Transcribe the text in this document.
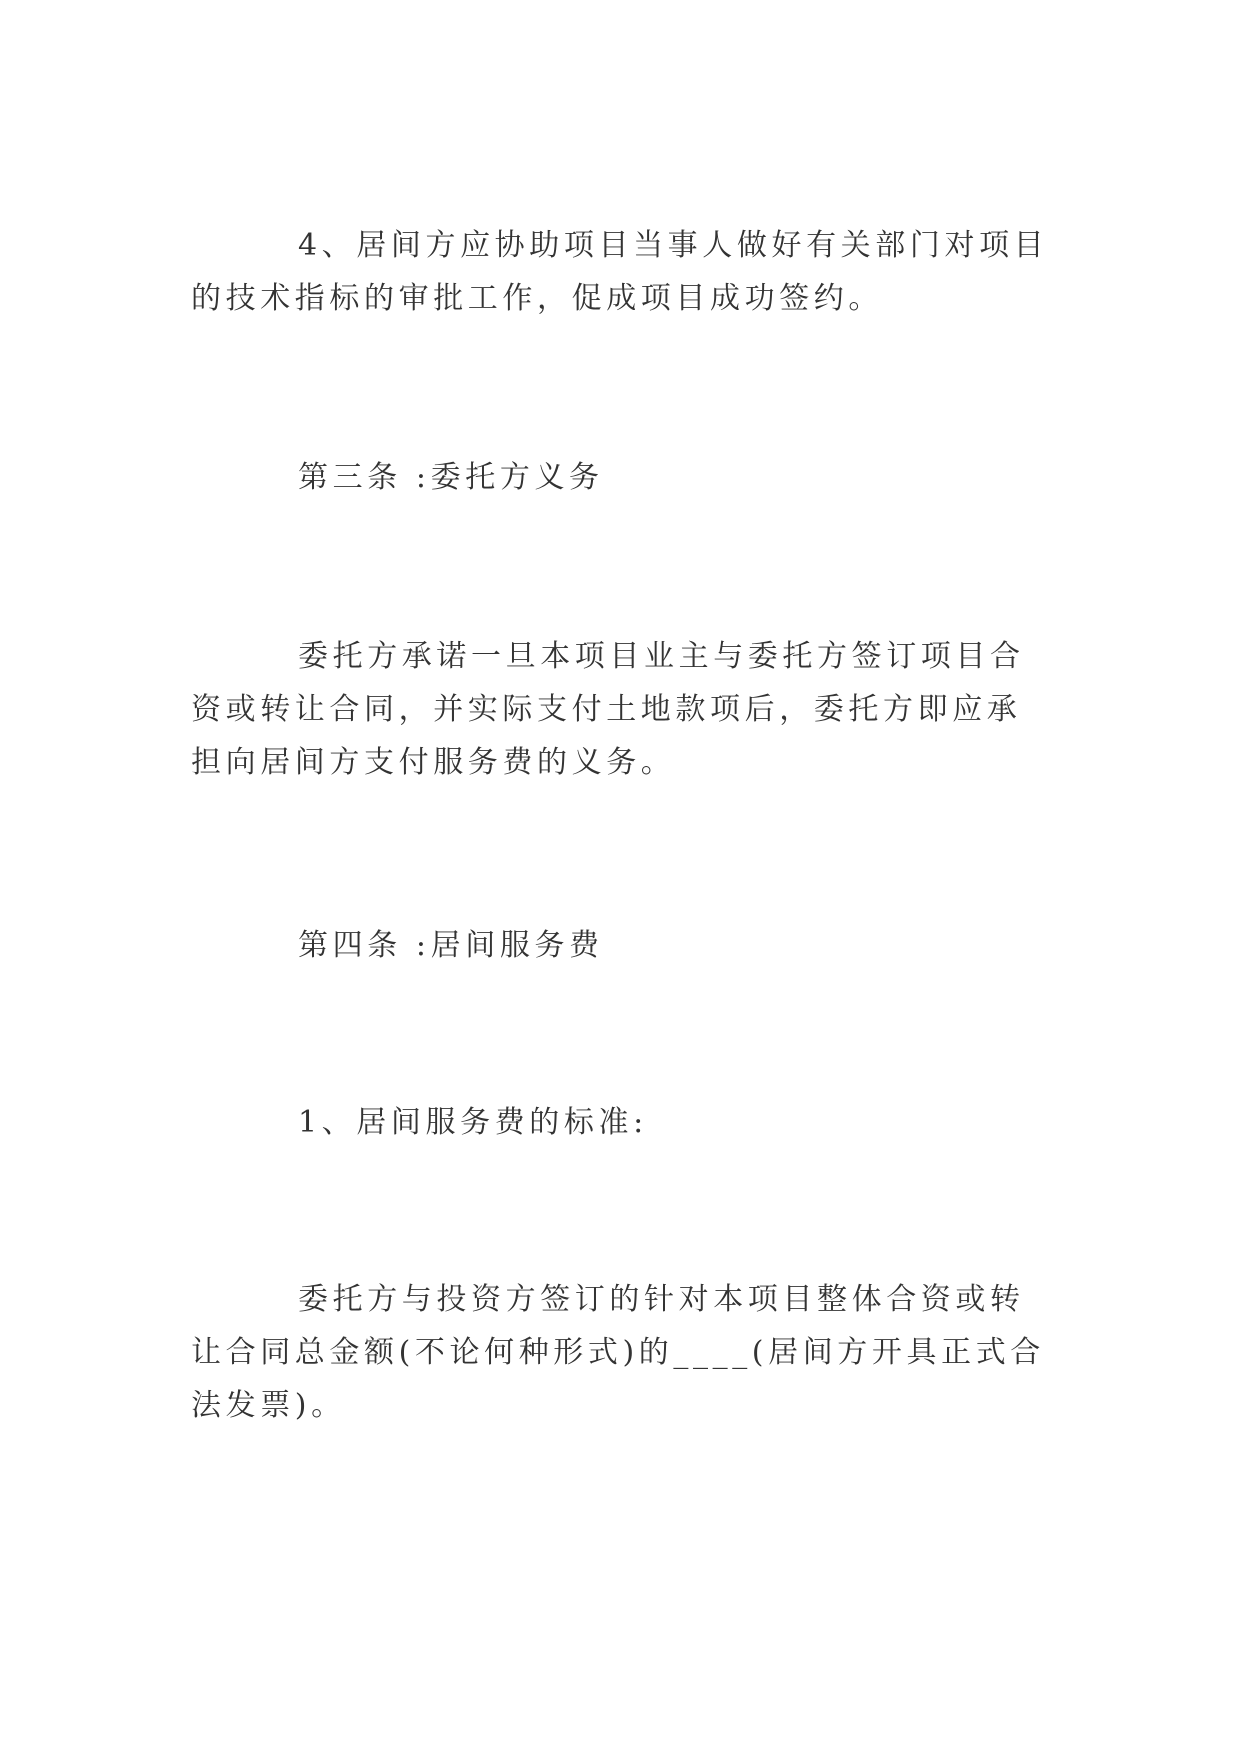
4、居间方应协助项目当事人做好有关部门对项目的技术指标的审批工作，促成项目成功签约。

第三条 :委托方义务

委托方承诺一旦本项目业主与委托方签订项目合资或转让合同，并实际支付土地款项后，委托方即应承担向居间方支付服务费的义务。

第四条 :居间服务费

1、居间服务费的标准:

委托方与投资方签订的针对本项目整体合资或转让合同总金额(不论何种形式)的____(居间方开具正式合法发票)。
